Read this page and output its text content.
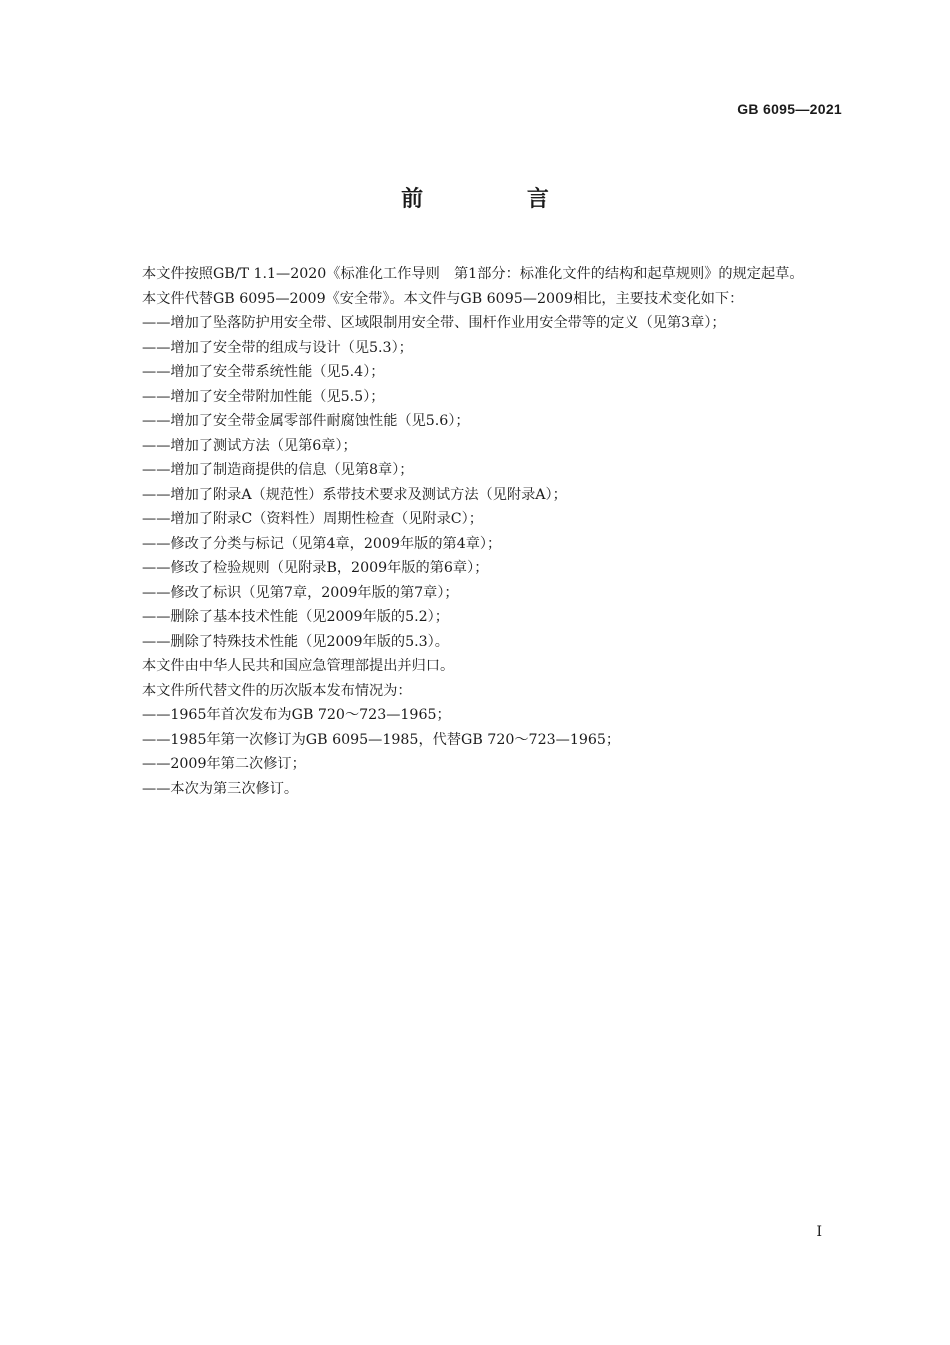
GB 6095—2021
前 言

本文件按照GB/T 1.1—2020《标准化工作导则　第1部分：标准化文件的结构和起草规则》的规定起草。

本文件代替GB 6095—2009《安全带》。本文件与GB 6095—2009相比，主要技术变化如下：

——增加了坠落防护用安全带、区域限制用安全带、围杆作业用安全带等的定义（见第3章）；

——增加了安全带的组成与设计（见5.3）；

——增加了安全带系统性能（见5.4）；

——增加了安全带附加性能（见5.5）；

——增加了安全带金属零部件耐腐蚀性能（见5.6）；

——增加了测试方法（见第6章）；

——增加了制造商提供的信息（见第8章）；

——增加了附录A（规范性）系带技术要求及测试方法（见附录A）；

——增加了附录C（资料性）周期性检查（见附录C）；

——修改了分类与标记（见第4章，2009年版的第4章）；

——修改了检验规则（见附录B，2009年版的第6章）；

——修改了标识（见第7章，2009年版的第7章）；

——删除了基本技术性能（见2009年版的5.2）；

——删除了特殊技术性能（见2009年版的5.3）。

本文件由中华人民共和国应急管理部提出并归口。

本文件所代替文件的历次版本发布情况为：

——1965年首次发布为GB 720～723—1965；

——1985年第一次修订为GB 6095—1985，代替GB 720～723—1965；

——2009年第二次修订；

——本次为第三次修订。

I
